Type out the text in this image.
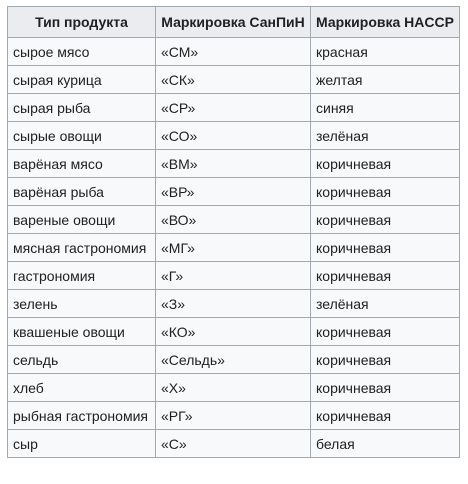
Тип продукта	Маркировка СанПиН	Маркировка HACCP
сырое мясо	«СМ»	красная
сырая курица	«СК»	желтая
сырая рыба	«СР»	синяя
сырые овощи	«СО»	зелёная
варёная мясо	«ВМ»	коричневая
варёная рыба	«ВР»	коричневая
вареные овощи	«ВО»	коричневая
мясная гастрономия	«МГ»	коричневая
гастрономия	«Г»	коричневая
зелень	«З»	зелёная
квашеные овощи	«КО»	коричневая
сельдь	«Сельдь»	коричневая
хлеб	«Х»	коричневая
рыбная гастрономия	«РГ»	коричневая
сыр	«С»	белая
